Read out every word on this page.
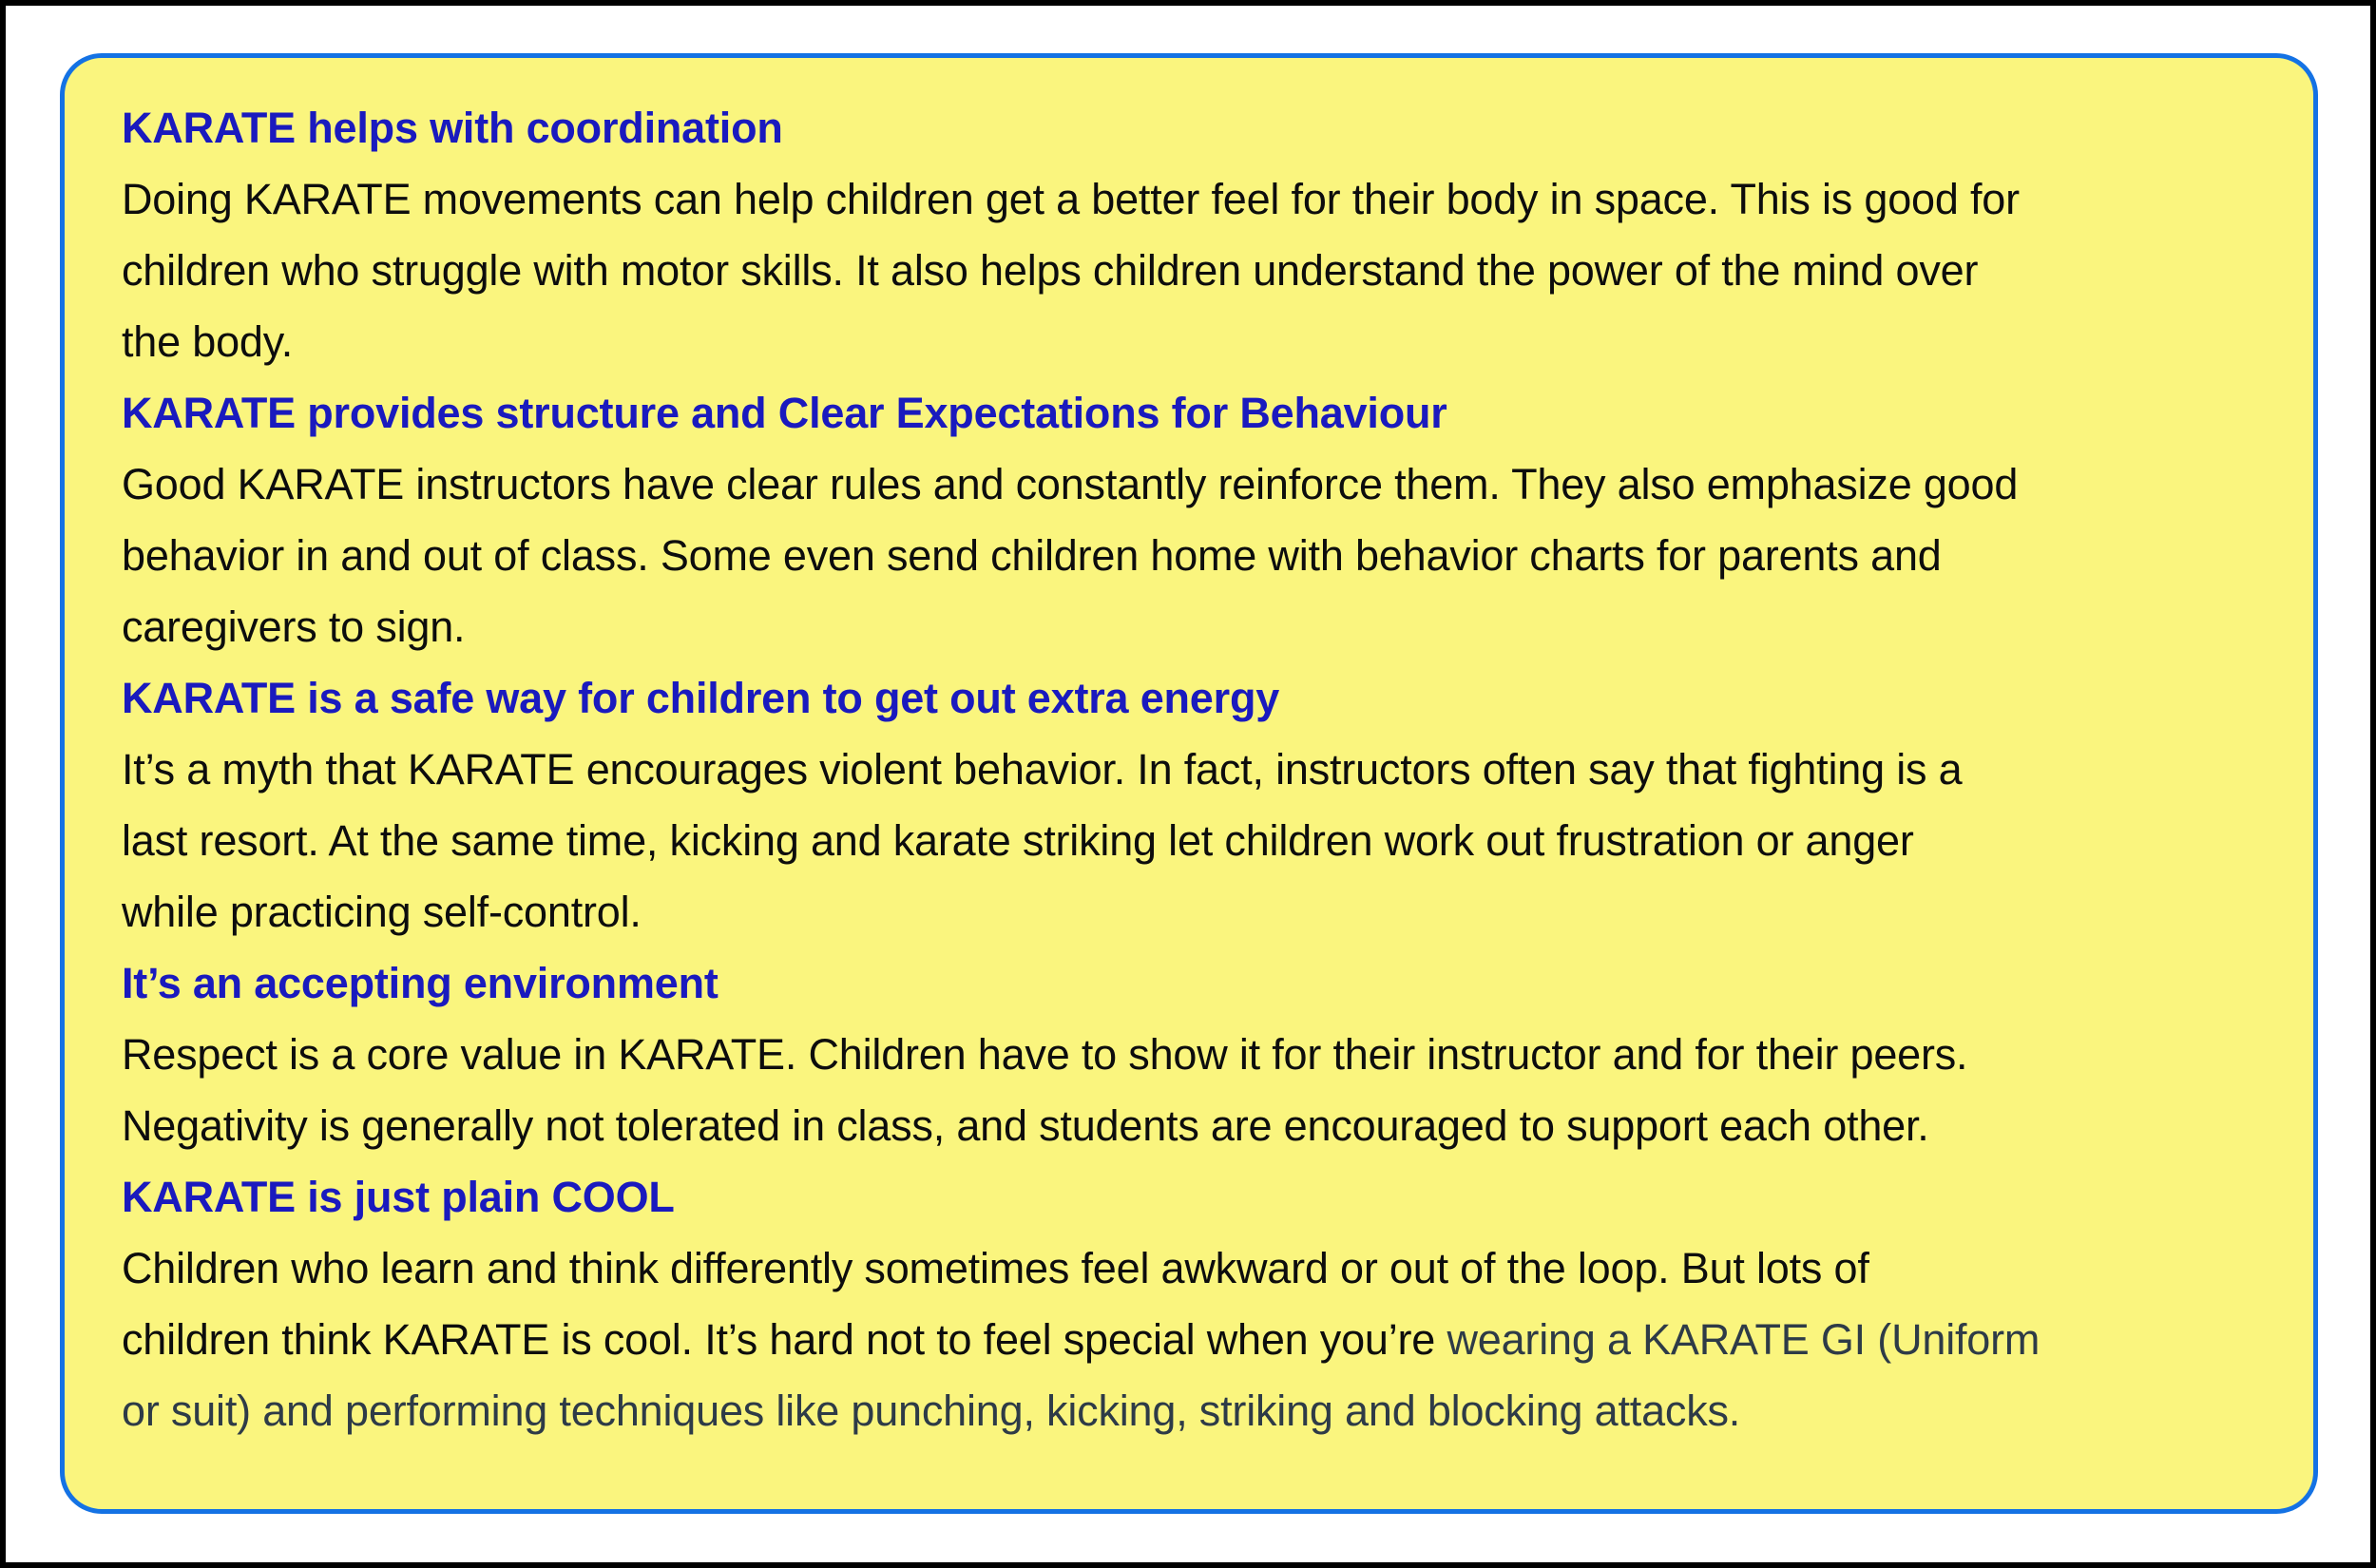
KARATE helps with coordination
Doing KARATE movements can help children get a better feel for their body in space. This is good for
children who struggle with motor skills. It also helps children understand the power of the mind over
the body.
KARATE provides structure and Clear Expectations for Behaviour
Good KARATE instructors have clear rules and constantly reinforce them. They also emphasize good
behavior in and out of class. Some even send children home with behavior charts for parents and
caregivers to sign.
KARATE is a safe way for children to get out extra energy
It’s a myth that KARATE encourages violent behavior. In fact, instructors often say that fighting is a
last resort. At the same time, kicking and karate striking let children work out frustration or anger
while practicing self-control.
It’s an accepting environment
Respect is a core value in KARATE. Children have to show it for their instructor and for their peers.
Negativity is generally not tolerated in class, and students are encouraged to support each other.
KARATE is just plain COOL
Children who learn and think differently sometimes feel awkward or out of the loop. But lots of
children think KARATE is cool. It’s hard not to feel special when you’re wearing a KARATE GI (Uniform
or suit) and performing techniques like punching, kicking, striking and blocking attacks.
